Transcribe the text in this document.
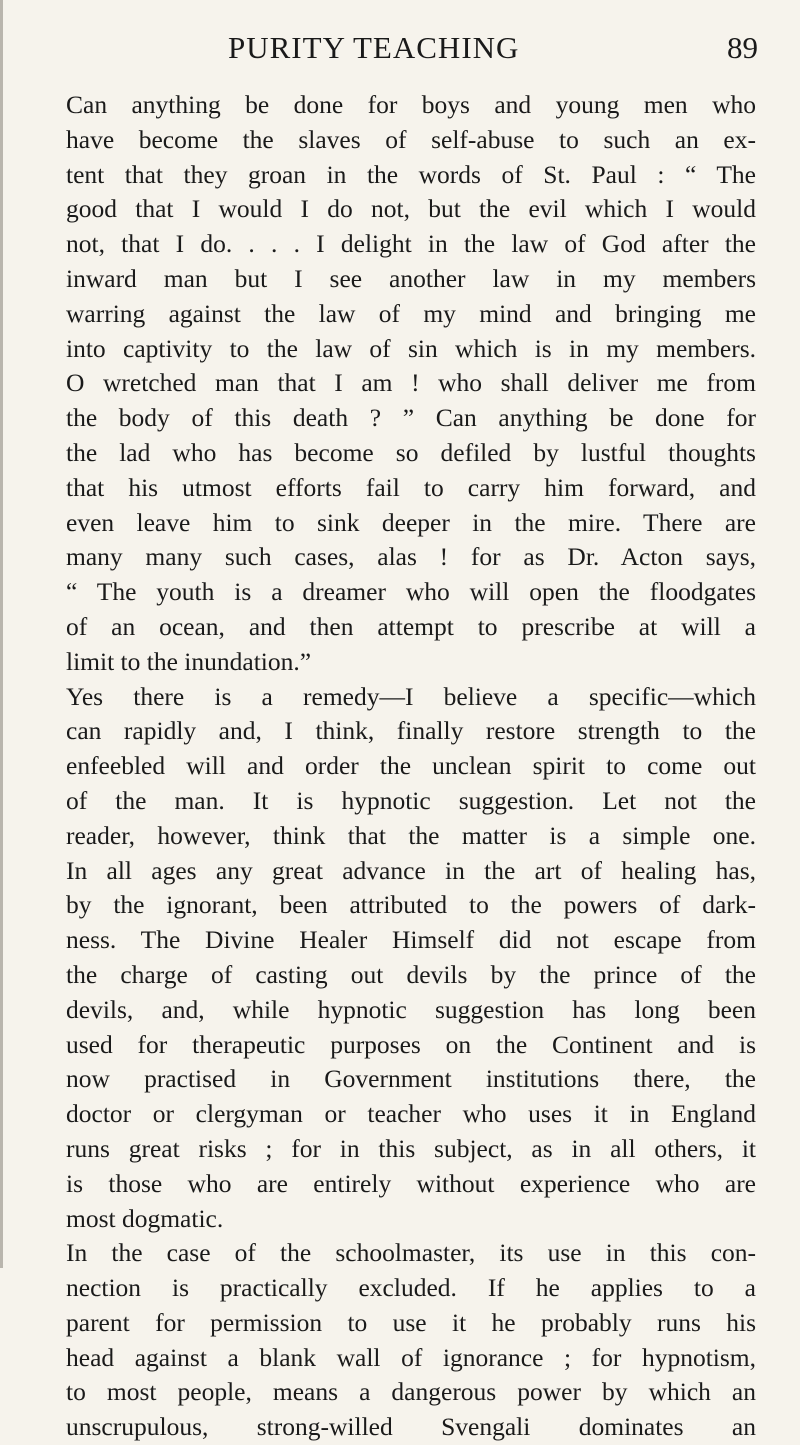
PURITY TEACHING	89
Can anything be done for boys and young men who
have become the slaves of self-abuse to such an ex-
tent that they groan in the words of St. Paul : “ The
good that I would I do not, but the evil which I would
not, that I do. . . . I delight in the law of God after the
inward man but I see another law in my members
warring against the law of my mind and bringing me
into captivity to the law of sin which is in my members.
O wretched man that I am ! who shall deliver me from
the body of this death ? ” Can anything be done for
the lad who has become so defiled by lustful thoughts
that his utmost efforts fail to carry him forward, and
even leave him to sink deeper in the mire. There are
many many such cases, alas ! for as Dr. Acton says,
“ The youth is a dreamer who will open the floodgates
of an ocean, and then attempt to prescribe at will a
limit to the inundation.”
Yes there is a remedy—I believe a specific—which
can rapidly and, I think, finally restore strength to the
enfeebled will and order the unclean spirit to come out
of the man. It is hypnotic suggestion. Let not the
reader, however, think that the matter is a simple one.
In all ages any great advance in the art of healing has,
by the ignorant, been attributed to the powers of dark-
ness. The Divine Healer Himself did not escape from
the charge of casting out devils by the prince of the
devils, and, while hypnotic suggestion has long been
used for therapeutic purposes on the Continent and is
now practised in Government institutions there, the
doctor or clergyman or teacher who uses it in England
runs great risks ; for in this subject, as in all others, it
is those who are entirely without experience who are
most dogmatic.
In the case of the schoolmaster, its use in this con-
nection is practically excluded. If he applies to a
parent for permission to use it he probably runs his
head against a blank wall of ignorance ; for hypnotism,
to most people, means a dangerous power by which an
unscrupulous, strong-willed Svengali dominates an
